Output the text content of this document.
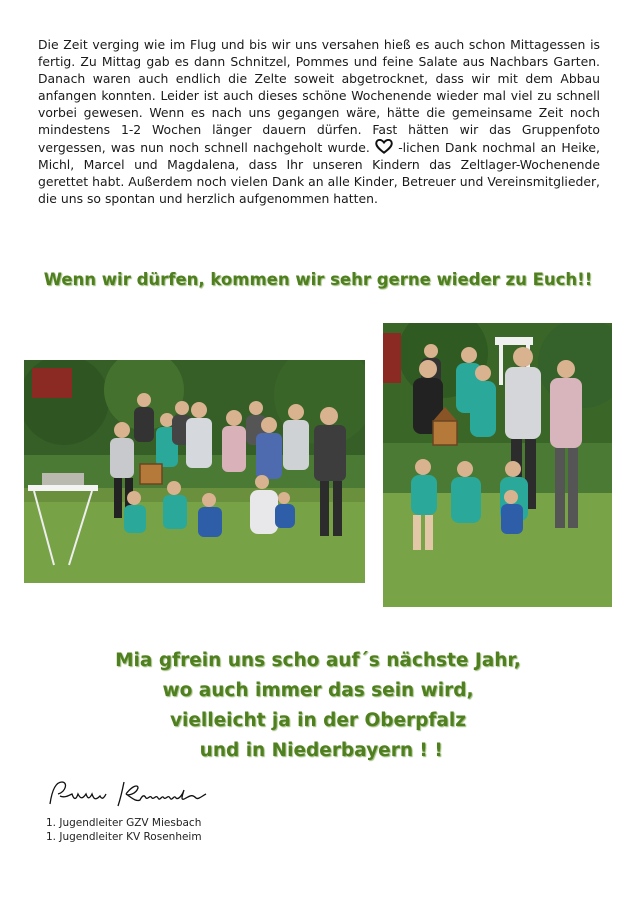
Die Zeit verging wie im Flug und bis wir uns versahen hieß es auch schon Mittagessen is fertig. Zu Mittag gab es dann Schnitzel, Pommes und feine Salate aus Nachbars Garten. Danach waren auch endlich die Zelte soweit abgetrocknet, dass wir mit dem Abbau anfangen konnten. Leider ist auch dieses schöne Wochenende wieder mal viel zu schnell vorbei gewesen. Wenn es nach uns gegangen wäre, hätte die gemeinsame Zeit noch mindestens 1-2 Wochen länger dauern dürfen. Fast hätten wir das Gruppenfoto vergessen, was nun noch schnell nachgeholt wurde.  -lichen Dank nochmal an Heike, Michl, Marcel und Magdalena, dass Ihr unseren Kindern das Zeltlager-Wochenende gerettet habt. Außerdem noch vielen Dank an alle Kinder, Betreuer und Vereinsmitglieder, die uns so spontan und herzlich aufgenommen hatten.

Wenn wir dürfen, kommen wir sehr gerne wieder zu Euch!!
Mia gfrein uns scho auf´s nächste Jahr,
wo auch immer das sein wird,
vielleicht ja in der Oberpfalz
und in Niederbayern ! !
1. Jugendleiter GZV Miesbach
1. Jugendleiter KV Rosenheim
